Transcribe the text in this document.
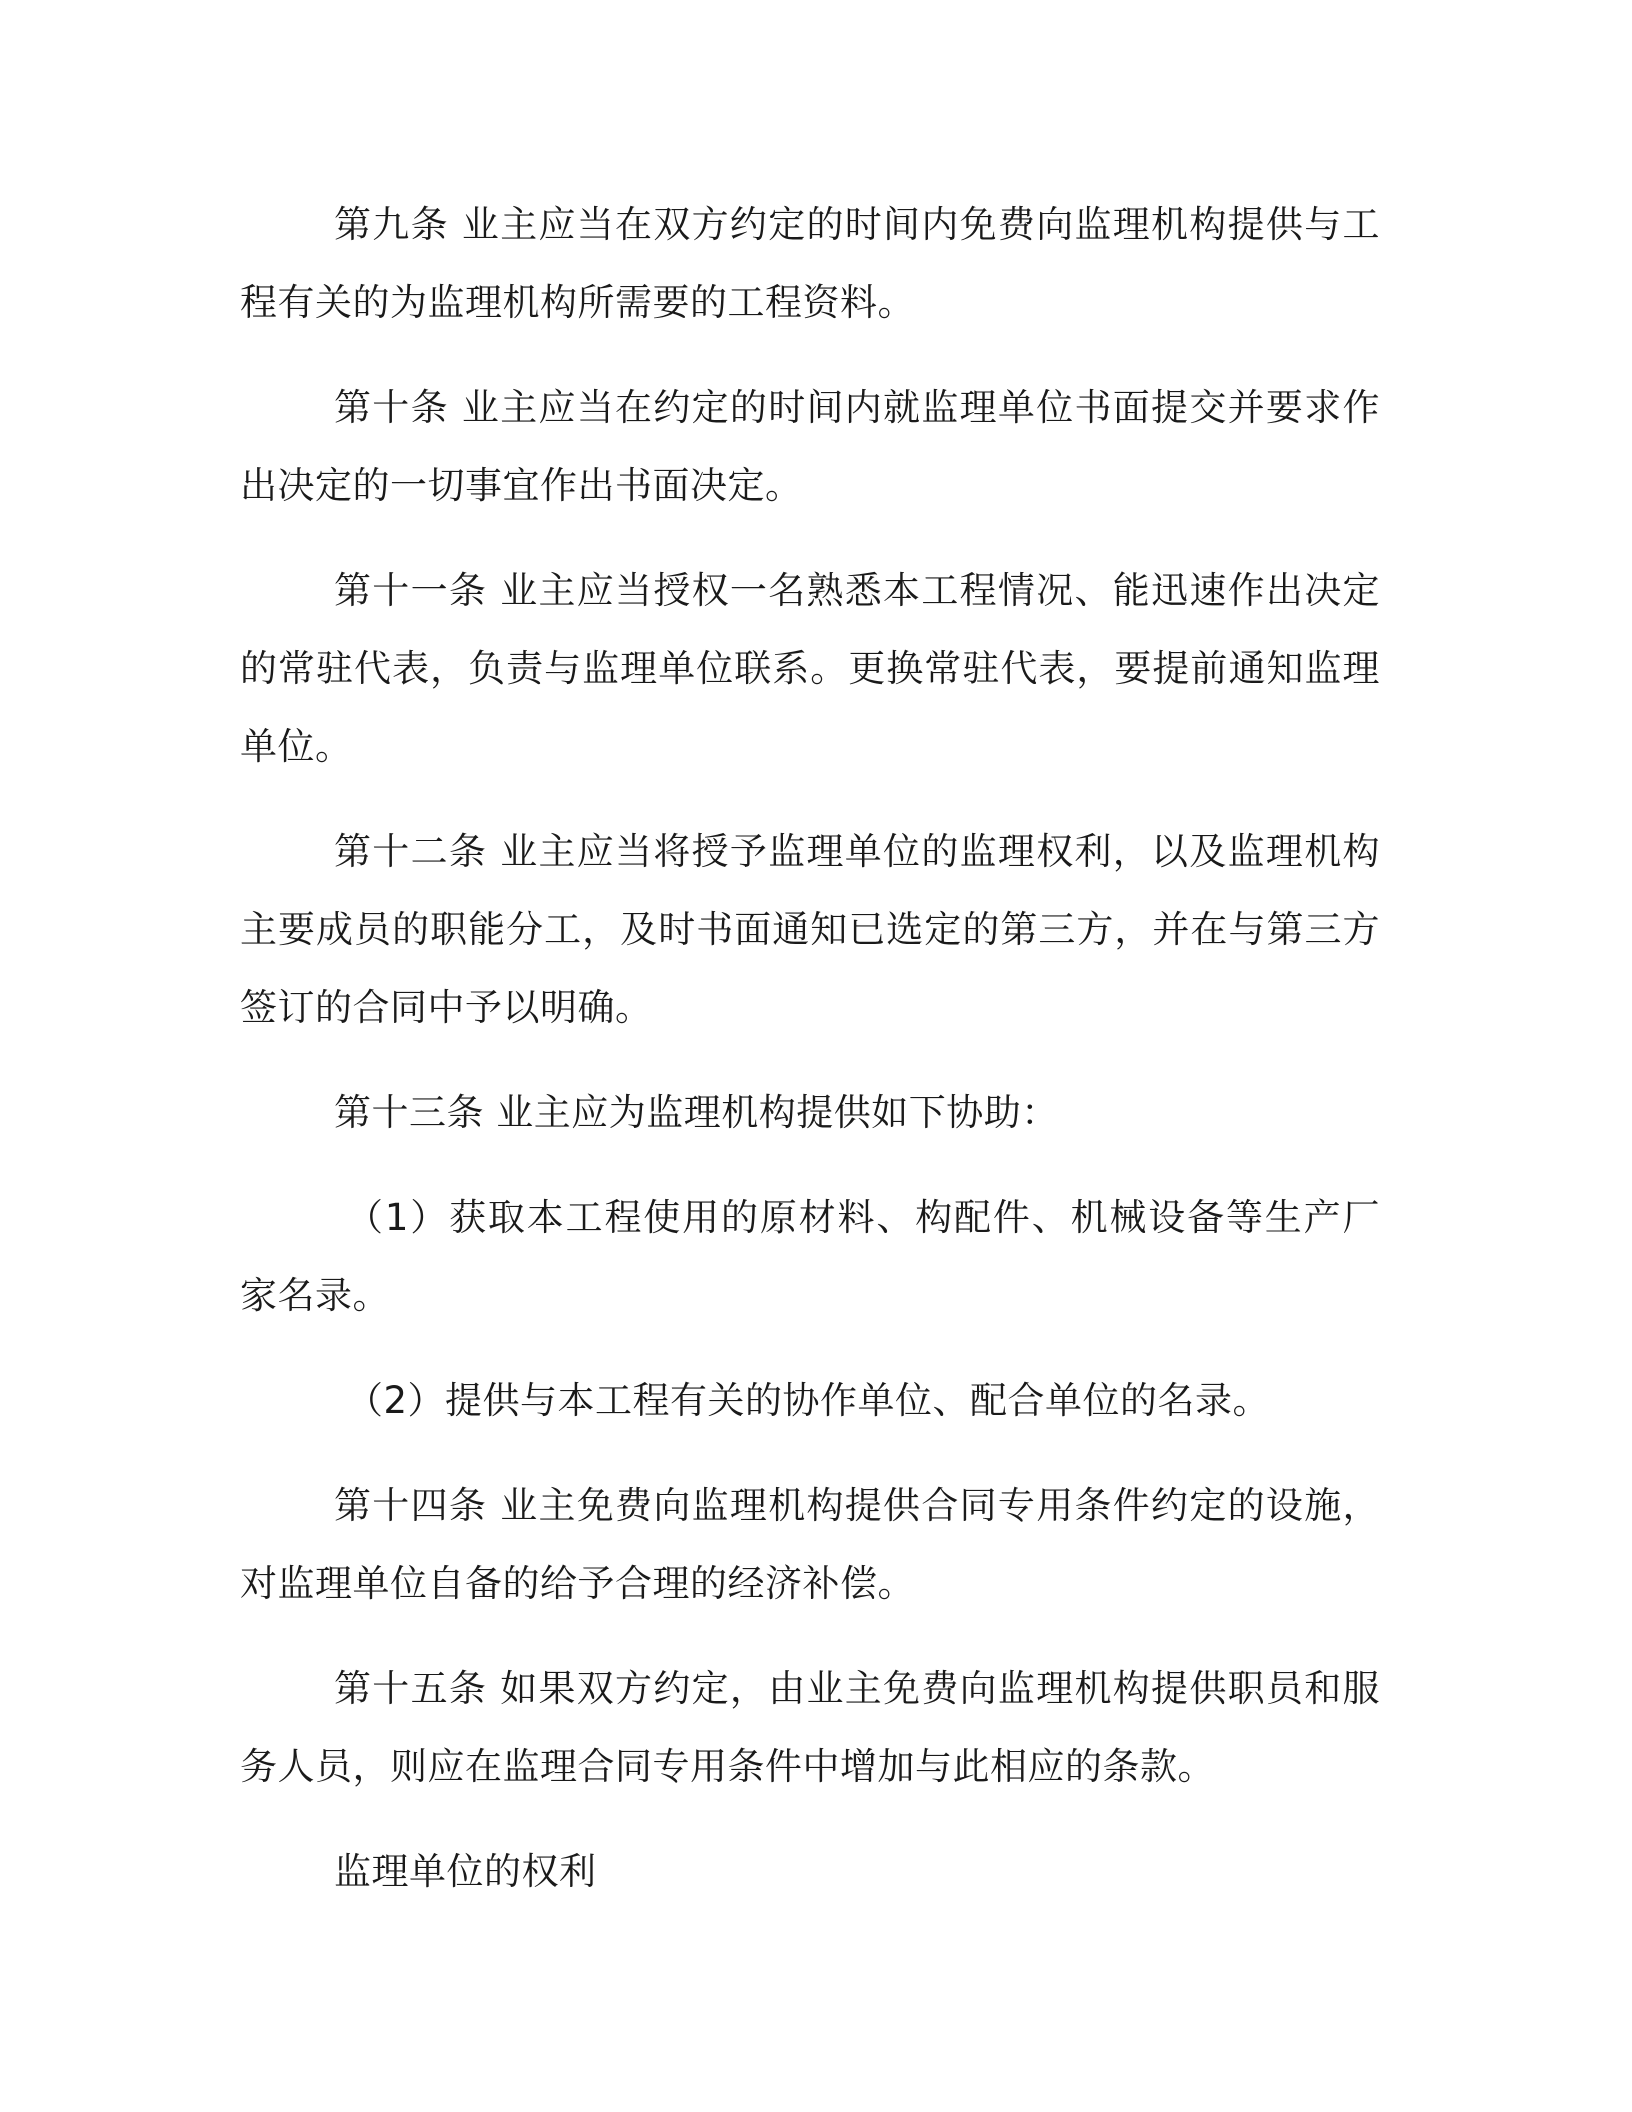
第九条 业主应当在双方约定的时间内免费向监理机构提供与工程有关的为监理机构所需要的工程资料。

第十条 业主应当在约定的时间内就监理单位书面提交并要求作出决定的一切事宜作出书面决定。

第十一条 业主应当授权一名熟悉本工程情况、能迅速作出决定的常驻代表，负责与监理单位联系。更换常驻代表，要提前通知监理单位。

第十二条 业主应当将授予监理单位的监理权利，以及监理机构主要成员的职能分工，及时书面通知已选定的第三方，并在与第三方签订的合同中予以明确。

第十三条 业主应为监理机构提供如下协助：

（1）获取本工程使用的原材料、构配件、机械设备等生产厂家名录。

（2）提供与本工程有关的协作单位、配合单位的名录。

第十四条 业主免费向监理机构提供合同专用条件约定的设施，对监理单位自备的给予合理的经济补偿。

第十五条 如果双方约定，由业主免费向监理机构提供职员和服务人员，则应在监理合同专用条件中增加与此相应的条款。

监理单位的权利
